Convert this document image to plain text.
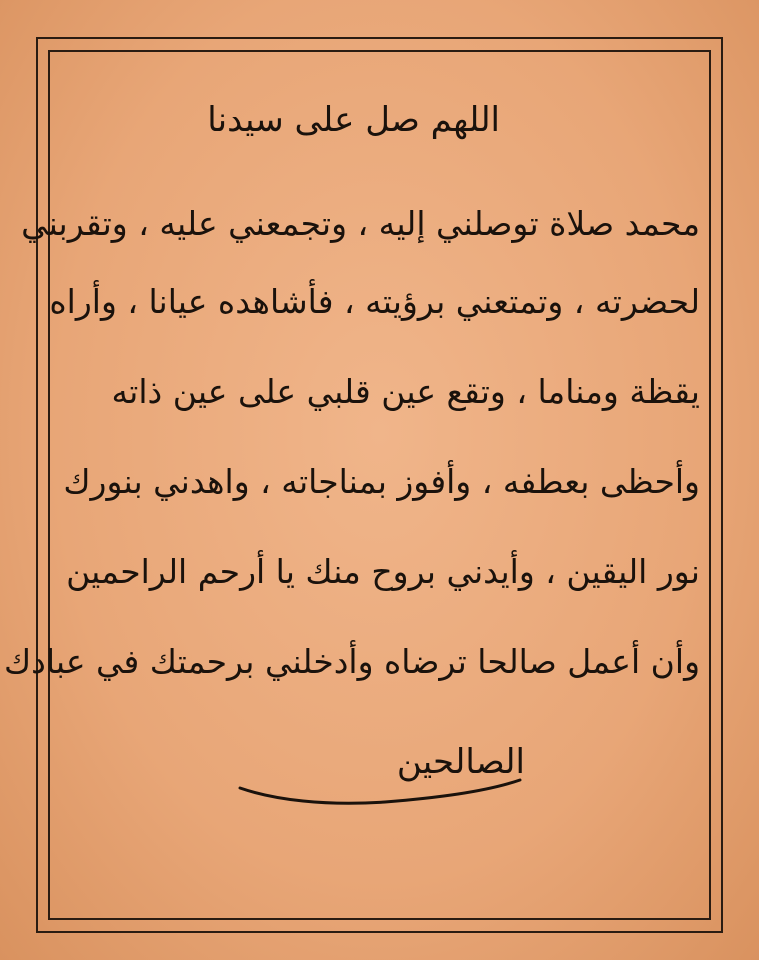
اللهم صل على سيدنا
محمد صلاة توصلني إليه ، وتجمعني عليه ، وتقربني
لحضرته ، وتمتعني برؤيته ، فأشاهده عيانا ، وأراه
يقظة ومناما ، وتقع عين قلبي على عين ذاته
وأحظى بعطفه ، وأفوز بمناجاته ، واهدني بنورك
نور اليقين ، وأيدني بروح منك يا أرحم الراحمين
وأن أعمل صالحا ترضاه وأدخلني برحمتك في عبادك
الصالحين
